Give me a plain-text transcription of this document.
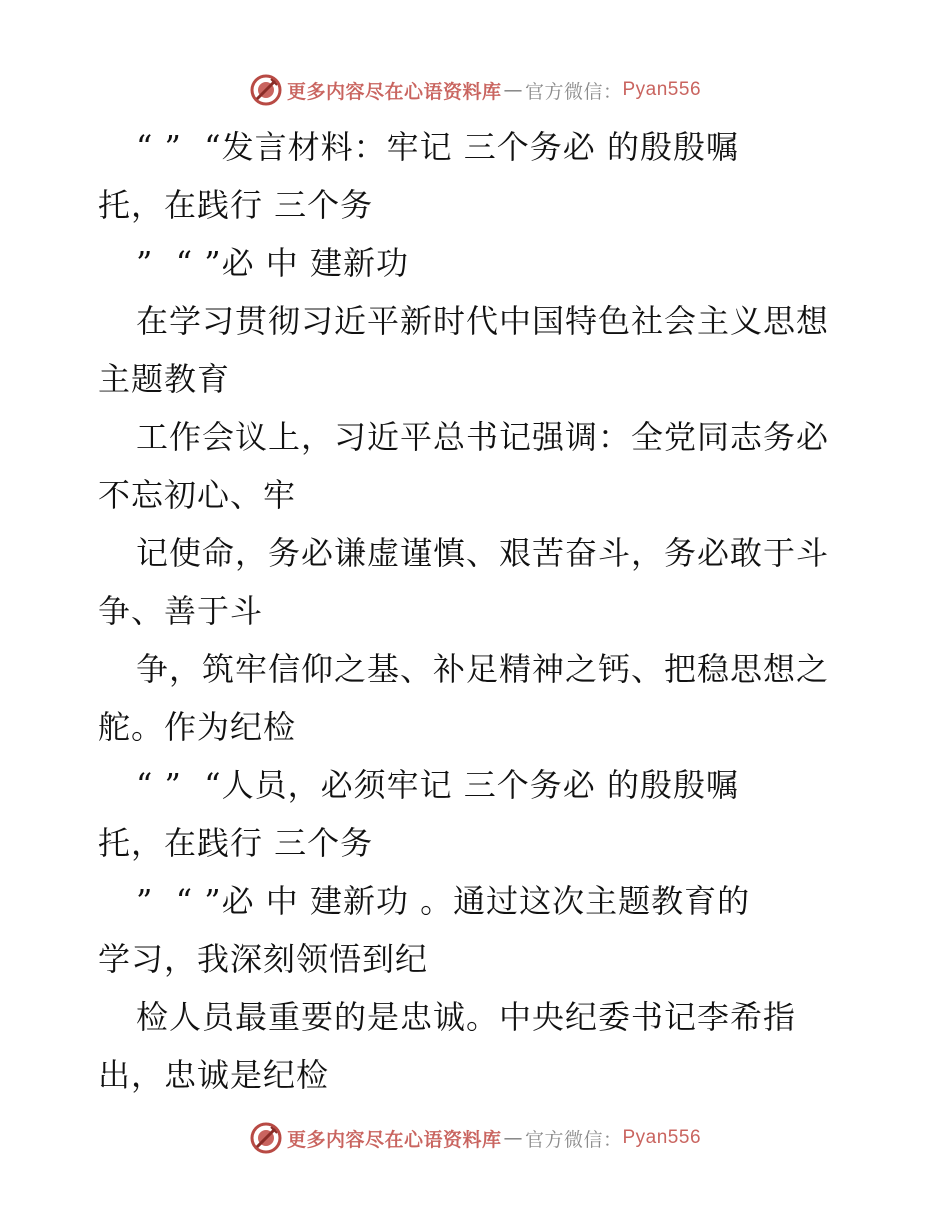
更多内容尽在心语资料库 — 官方微信： Pyan556
“ ”  “发言材料：牢记 三个务必 的殷殷嘱
托，在践行 三个务
”  “ ”必 中 建新功
在学习贯彻习近平新时代中国特色社会主义思想
主题教育
工作会议上，习近平总书记强调：全党同志务必
不忘初心、牢
记使命，务必谦虚谨慎、艰苦奋斗，务必敢于斗
争、善于斗
争，筑牢信仰之基、补足精神之钙、把稳思想之
舵。作为纪检
“ ”  “人员，必须牢记 三个务必 的殷殷嘱
托，在践行 三个务
”  “ ”必 中 建新功 。通过这次主题教育的
学习，我深刻领悟到纪
检人员最重要的是忠诚。中央纪委书记李希指
出，忠诚是纪检
更多内容尽在心语资料库 — 官方微信： Pyan556
